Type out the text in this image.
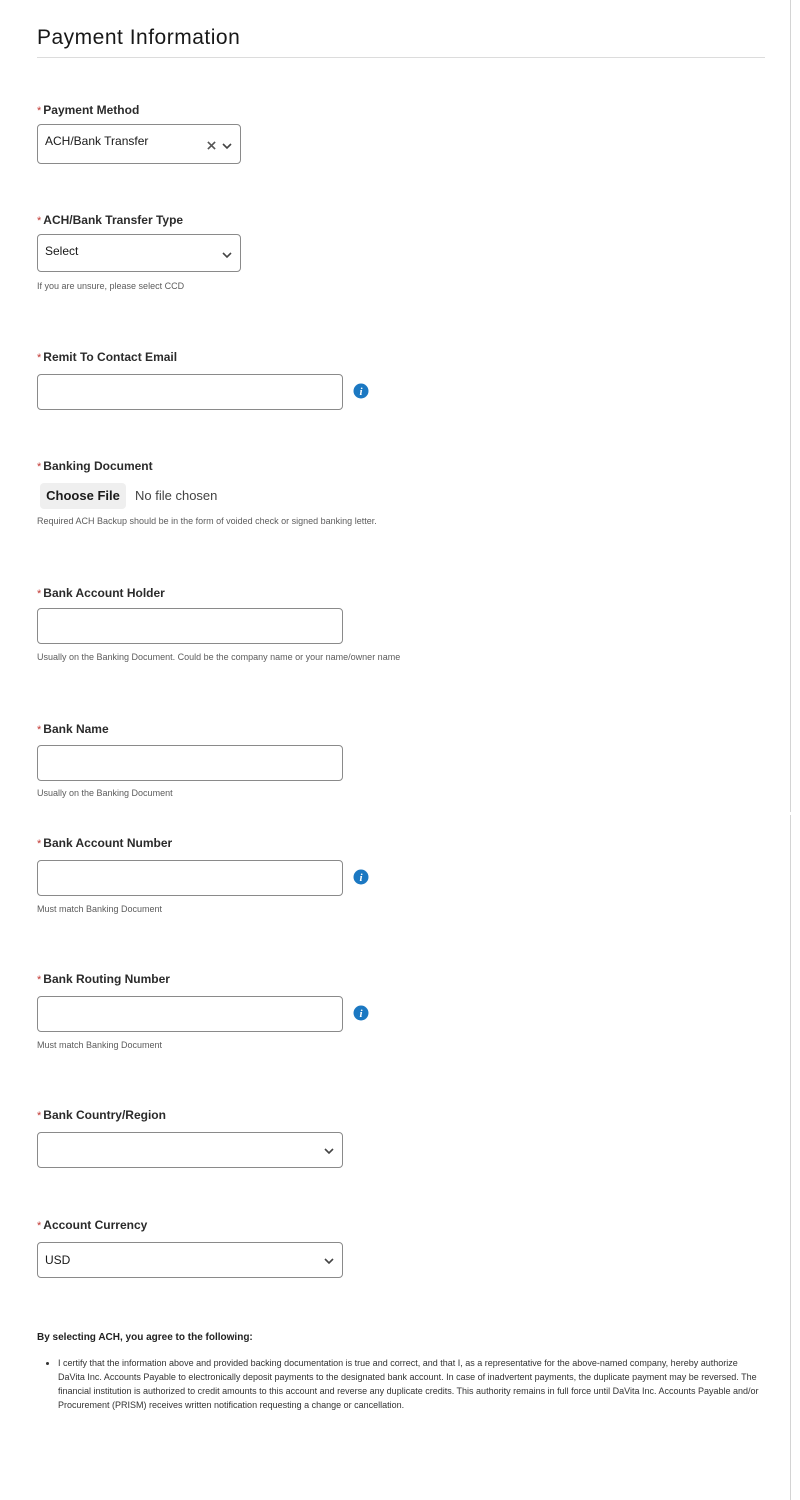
Payment Information
* Payment Method
ACH/Bank Transfer
* ACH/Bank Transfer Type
Select
If you are unsure, please select CCD
* Remit To Contact Email
i
* Banking Document
Choose File	No file chosen
Required ACH Backup should be in the form of voided check or signed banking letter.
* Bank Account Holder
Usually on the Banking Document. Could be the company name or your name/owner name
* Bank Name
Usually on the Banking Document
* Bank Account Number
i
Must match Banking Document
* Bank Routing Number
i
Must match Banking Document
* Bank Country/Region
* Account Currency
USD
By selecting ACH, you agree to the following:
• I certify that the information above and provided backing documentation is true and correct, and that I, as a representative for the above-named company, hereby authorize DaVita Inc. Accounts Payable to electronically deposit payments to the designated bank account. In case of inadvertent payments, the duplicate payment may be reversed. The financial institution is authorized to credit amounts to this account and reverse any duplicate credits. This authority remains in full force until DaVita Inc. Accounts Payable and/or Procurement (PRISM) receives written notification requesting a change or cancellation.
